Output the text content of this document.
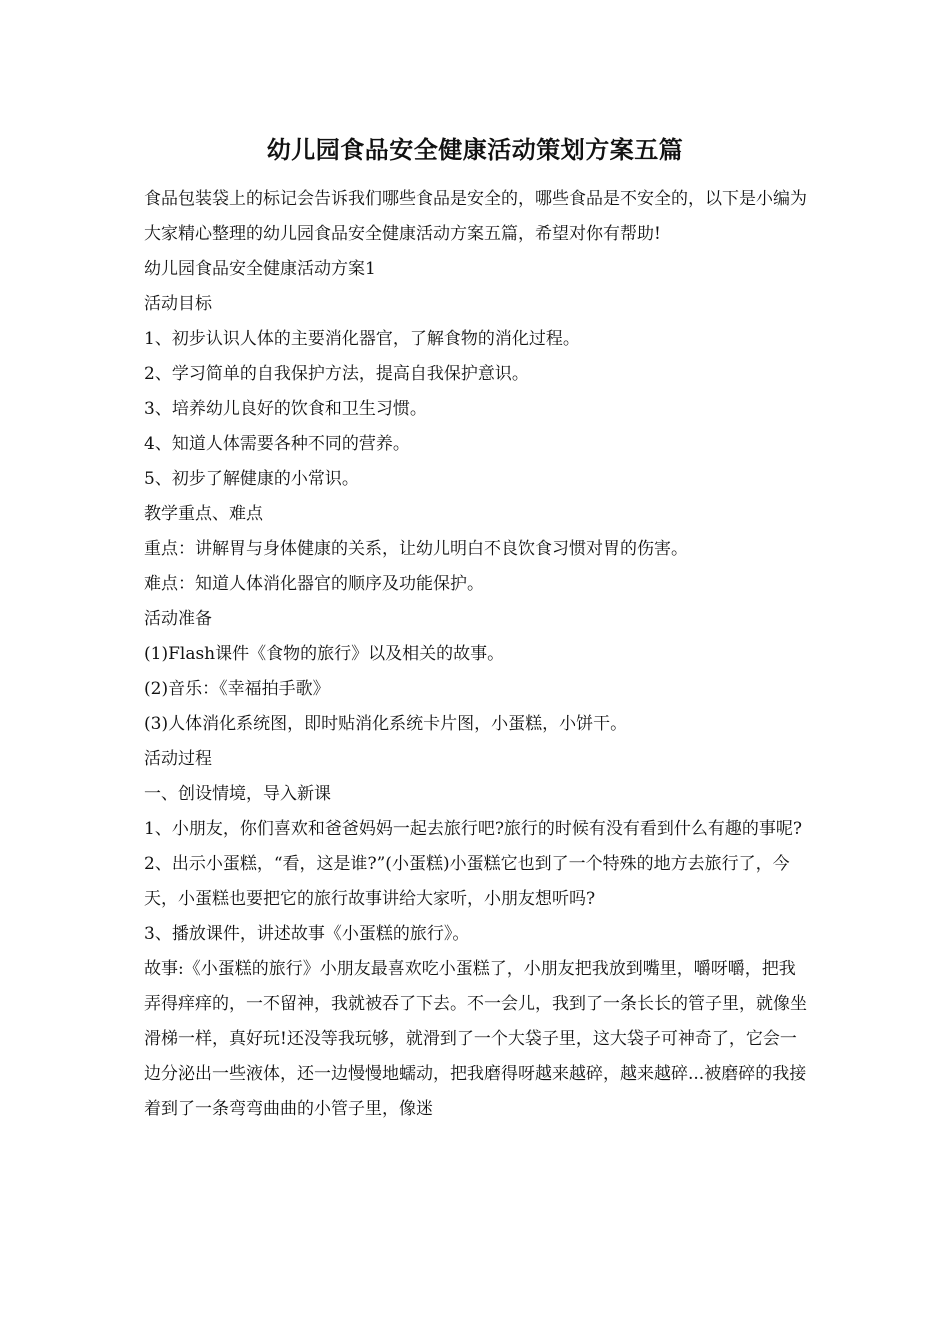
幼儿园食品安全健康活动策划方案五篇

食品包装袋上的标记会告诉我们哪些食品是安全的，哪些食品是不安全的，以下是小编为大家精心整理的幼儿园食品安全健康活动方案五篇，希望对你有帮助!

幼儿园食品安全健康活动方案1

活动目标

1、初步认识人体的主要消化器官，了解食物的消化过程。

2、学习简单的自我保护方法，提高自我保护意识。

3、培养幼儿良好的饮食和卫生习惯。

4、知道人体需要各种不同的营养。

5、初步了解健康的小常识。

教学重点、难点

重点：讲解胃与身体健康的关系，让幼儿明白不良饮食习惯对胃的伤害。

难点：知道人体消化器官的顺序及功能保护。

活动准备

(1)Flash课件《食物的旅行》以及相关的故事。

(2)音乐：《幸福拍手歌》

(3)人体消化系统图，即时贴消化系统卡片图，小蛋糕，小饼干。

活动过程

一、创设情境，导入新课

1、小朋友，你们喜欢和爸爸妈妈一起去旅行吧?旅行的时候有没有看到什么有趣的事呢?

2、出示小蛋糕，“看，这是谁?”(小蛋糕)小蛋糕它也到了一个特殊的地方去旅行了，今天，小蛋糕也要把它的旅行故事讲给大家听，小朋友想听吗?

3、播放课件，讲述故事《小蛋糕的旅行》。

故事:《小蛋糕的旅行》小朋友最喜欢吃小蛋糕了，小朋友把我放到嘴里，嚼呀嚼，把我弄得痒痒的，一不留神，我就被吞了下去。不一会儿，我到了一条长长的管子里，就像坐滑梯一样，真好玩!还没等我玩够，就滑到了一个大袋子里，这大袋子可神奇了，它会一边分泌出一些液体，还一边慢慢地蠕动，把我磨得呀越来越碎，越来越碎...被磨碎的我接着到了一条弯弯曲曲的小管子里，像迷
